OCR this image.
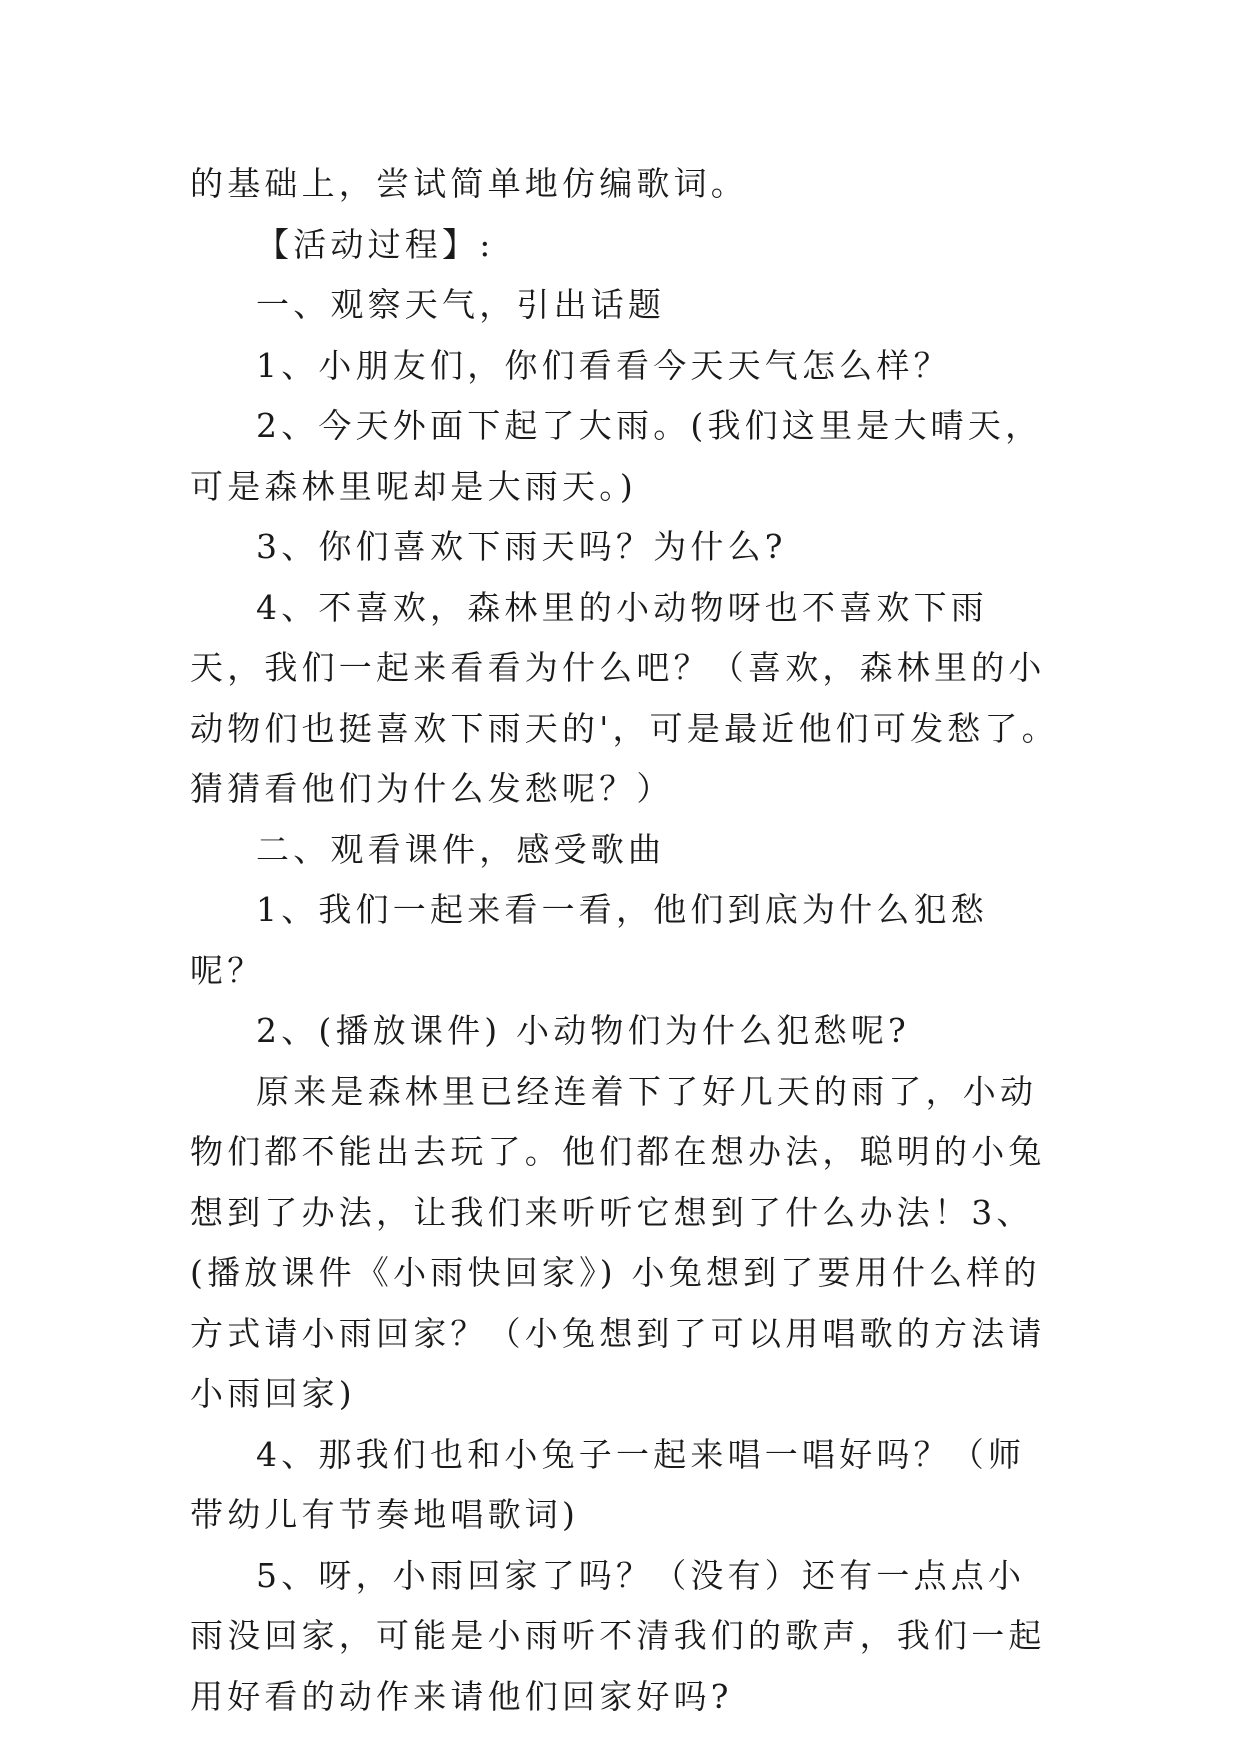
的基础上，尝试简单地仿编歌词。

【活动过程】:

一、观察天气，引出话题

1、小朋友们，你们看看今天天气怎么样？

2、今天外面下起了大雨。(我们这里是大晴天，可是森林里呢却是大雨天。)

3、你们喜欢下雨天吗？为什么?

4、不喜欢，森林里的小动物呀也不喜欢下雨天，我们一起来看看为什么吧？（喜欢，森林里的小动物们也挺喜欢下雨天的'，可是最近他们可发愁了。猜猜看他们为什么发愁呢？）

二、观看课件，感受歌曲

1、我们一起来看一看，他们到底为什么犯愁呢？

2、(播放课件) 小动物们为什么犯愁呢?

原来是森林里已经连着下了好几天的雨了，小动物们都不能出去玩了。他们都在想办法，聪明的小兔想到了办法，让我们来听听它想到了什么办法！3、(播放课件《小雨快回家》) 小兔想到了要用什么样的方式请小雨回家？（小兔想到了可以用唱歌的方法请小雨回家)

4、那我们也和小兔子一起来唱一唱好吗？（师带幼儿有节奏地唱歌词)

5、呀，小雨回家了吗？（没有）还有一点点小雨没回家，可能是小雨听不清我们的歌声，我们一起用好看的动作来请他们回家好吗?
